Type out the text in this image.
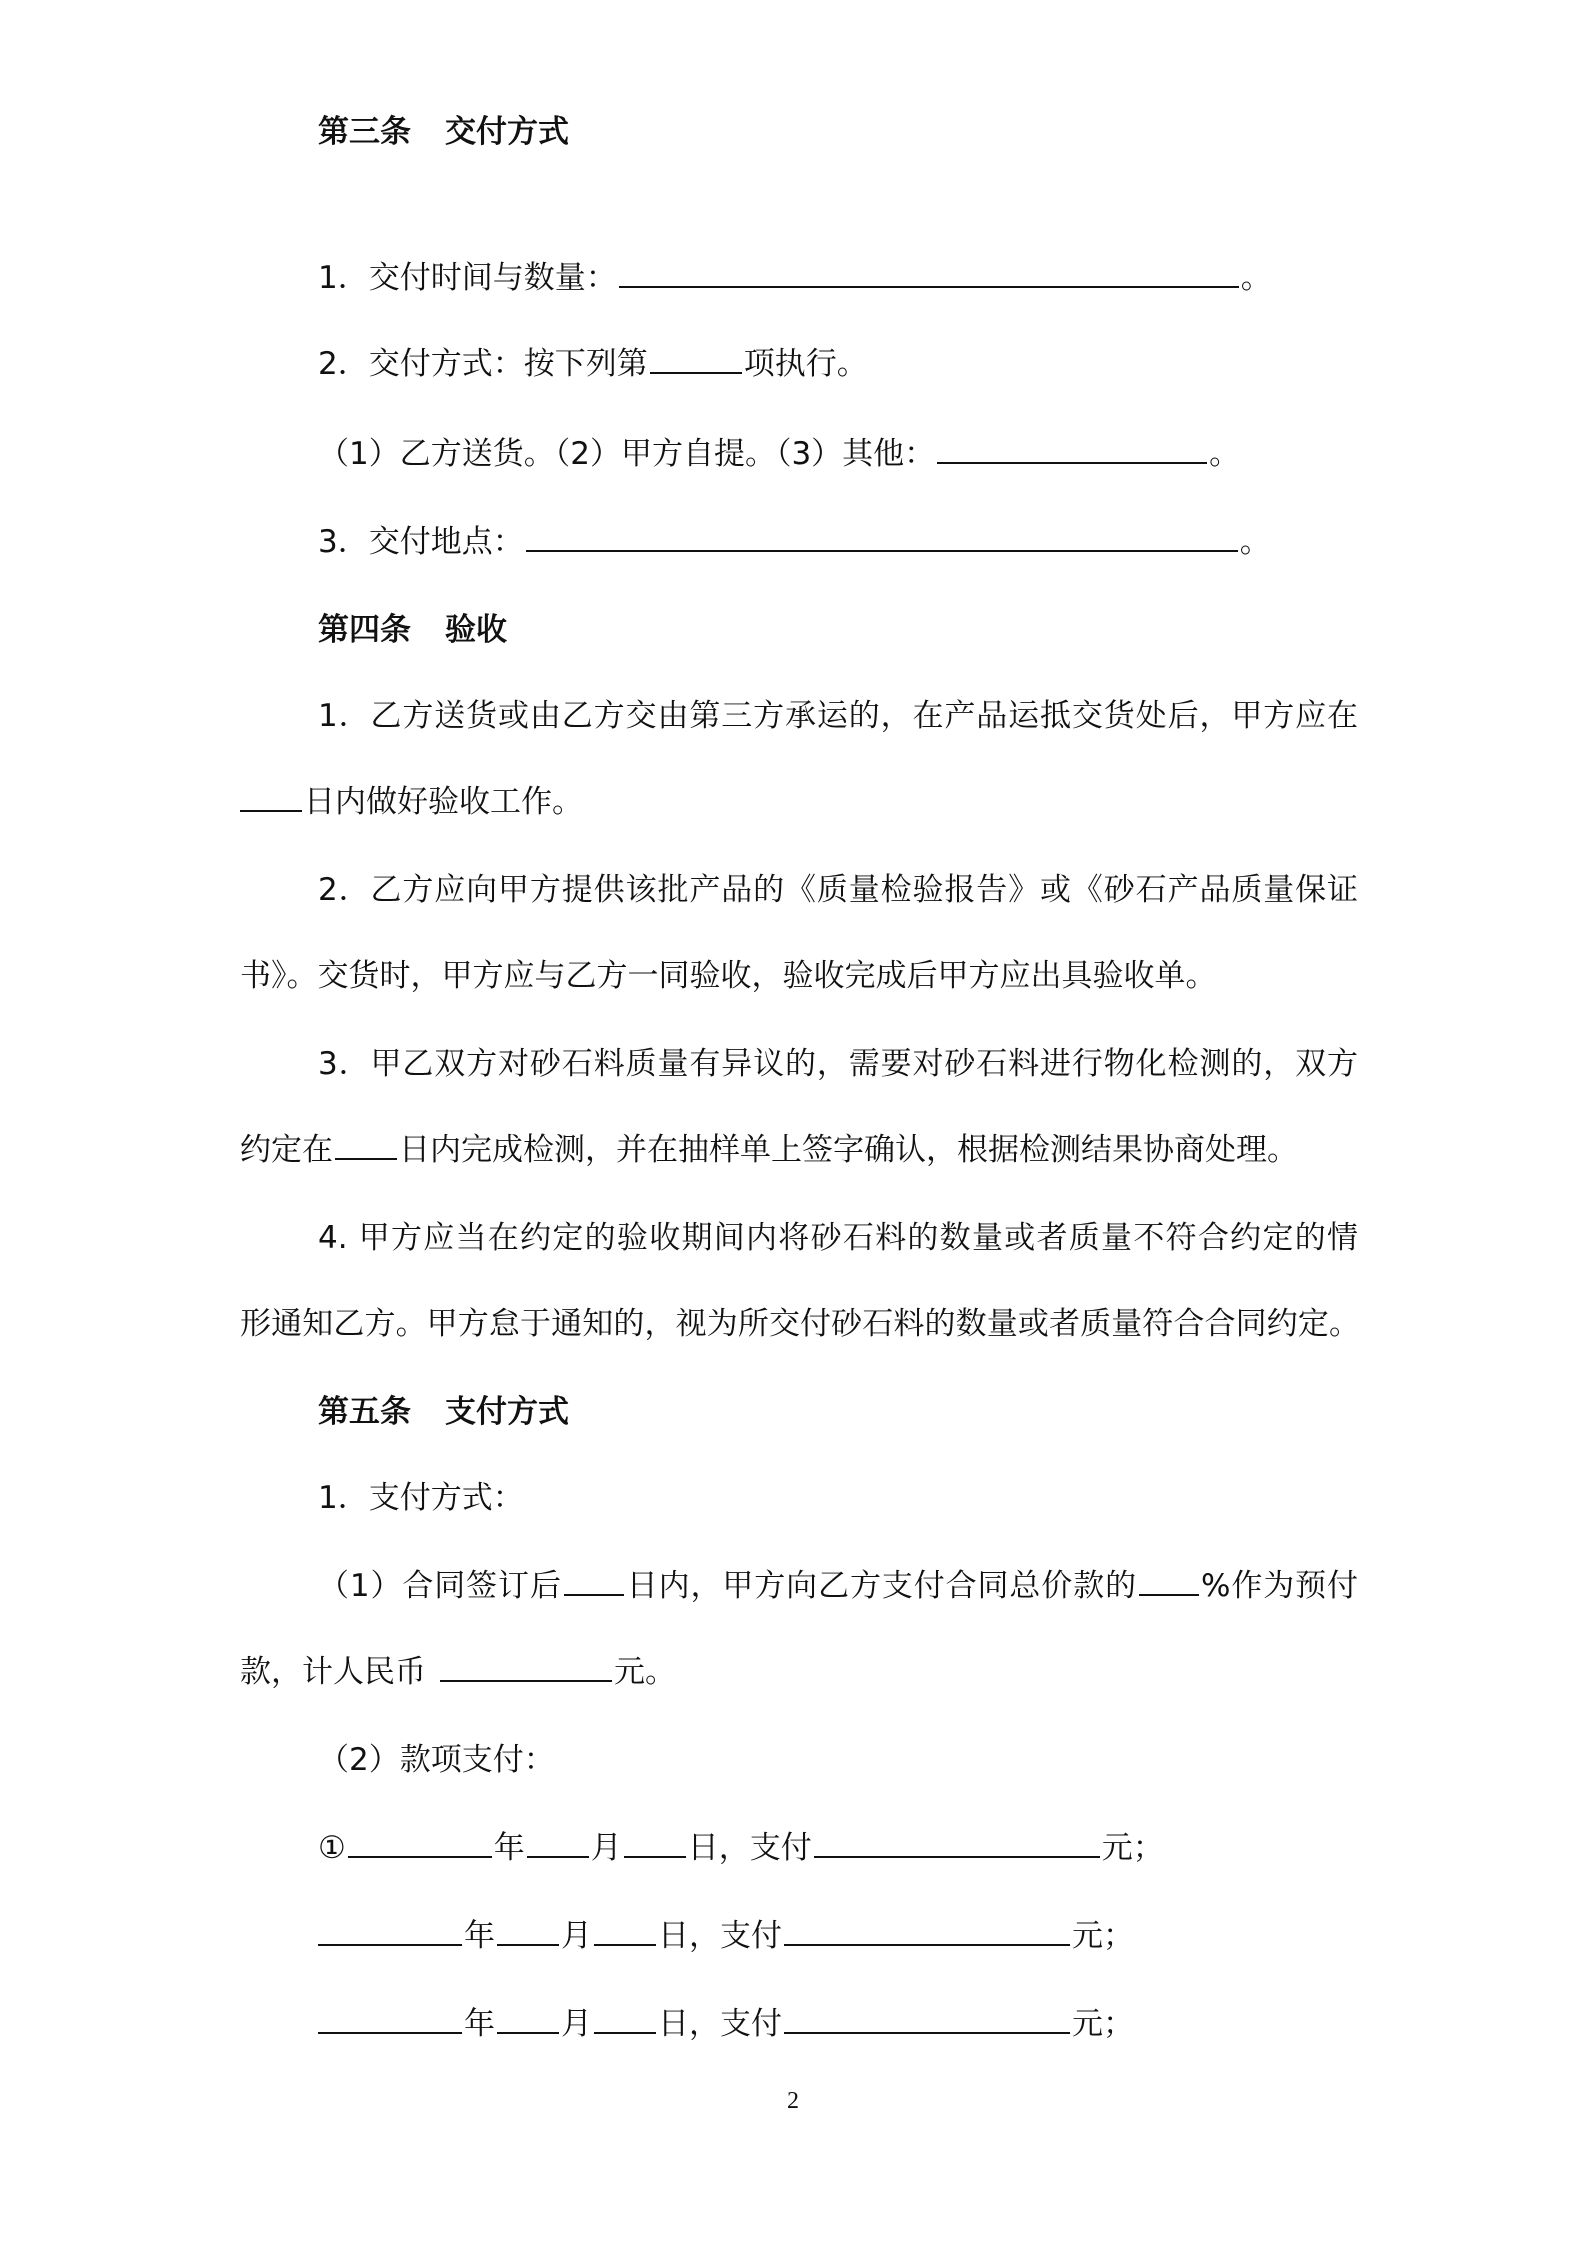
第三条 交付方式
1．交付时间与数量：	。
2．交付方式：按下列第	项执行。
（1）乙方送货。（2）甲方自提。（3）其他：	。
3．交付地点：	。
第四条 验收
1．乙方送货或由乙方交由第三方承运的，在产品运抵交货处后，甲方应在
日内做好验收工作。
2．乙方应向甲方提供该批产品的《质量检验报告》或《砂石产品质量保证
书》。交货时，甲方应与乙方一同验收，验收完成后甲方应出具验收单。
3．甲乙双方对砂石料质量有异议的，需要对砂石料进行物化检测的，双方
约定在 日内完成检测，并在抽样单上签字确认，根据检测结果协商处理。
4. 甲方应当在约定的验收期间内将砂石料的数量或者质量不符合约定的情
形通知乙方。甲方怠于通知的，视为所交付砂石料的数量或者质量符合合同约定。
第五条 支付方式
1．支付方式：
（1）合同签订后 日内，甲方向乙方支付合同总价款的 %作为预付
款，计人民币	元。
（2）款项支付：
①	年 月 日，支付	元；
年 月 日，支付	元；
年 月 日，支付	元；
2
